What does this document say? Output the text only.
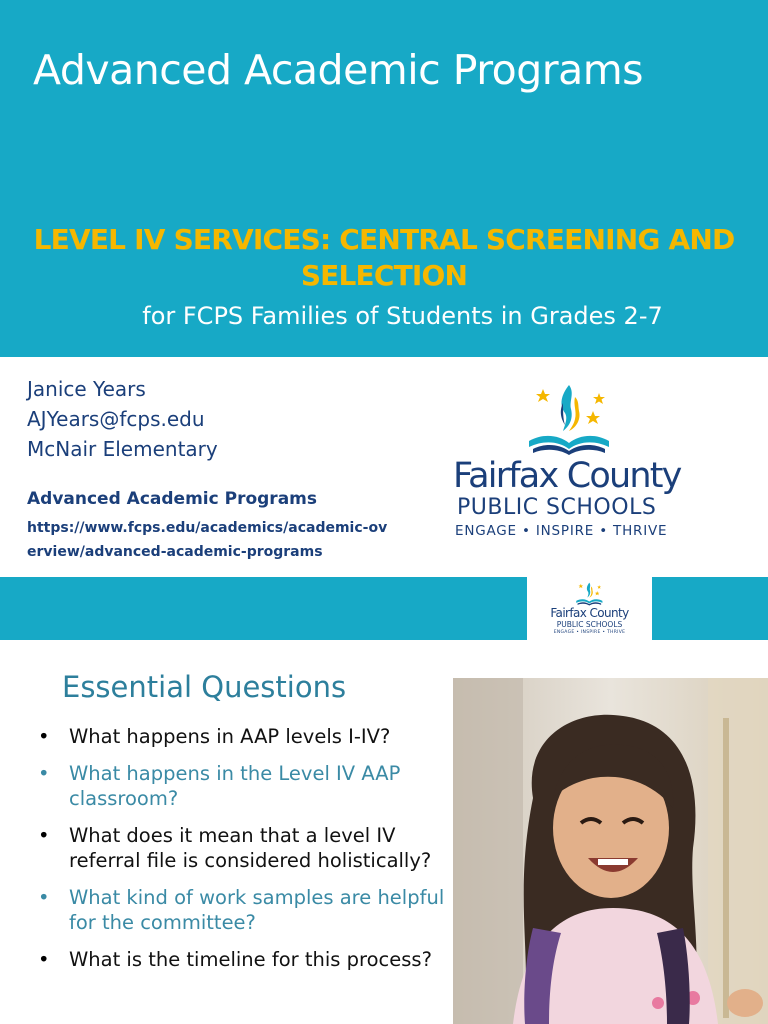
Advanced Academic Programs
LEVEL IV SERVICES: CENTRAL SCREENING AND
SELECTION
for FCPS Families of Students in Grades 2-7
Janice Years
AJYears@fcps.edu
McNair Elementary
Advanced Academic Programs
https://www.fcps.edu/academics/academic-ov
erview/advanced-academic-programs
Fairfax County
PUBLIC SCHOOLS
ENGAGE • INSPIRE • THRIVE
Fairfax County
PUBLIC SCHOOLS
ENGAGE • INSPIRE • THRIVE
Essential Questions
• What happens in AAP levels I-IV?
• What happens in the Level IV AAP classroom?
• What does it mean that a level IV referral file is considered holistically?
• What kind of work samples are helpful for the committee?
• What is the timeline for this process?
